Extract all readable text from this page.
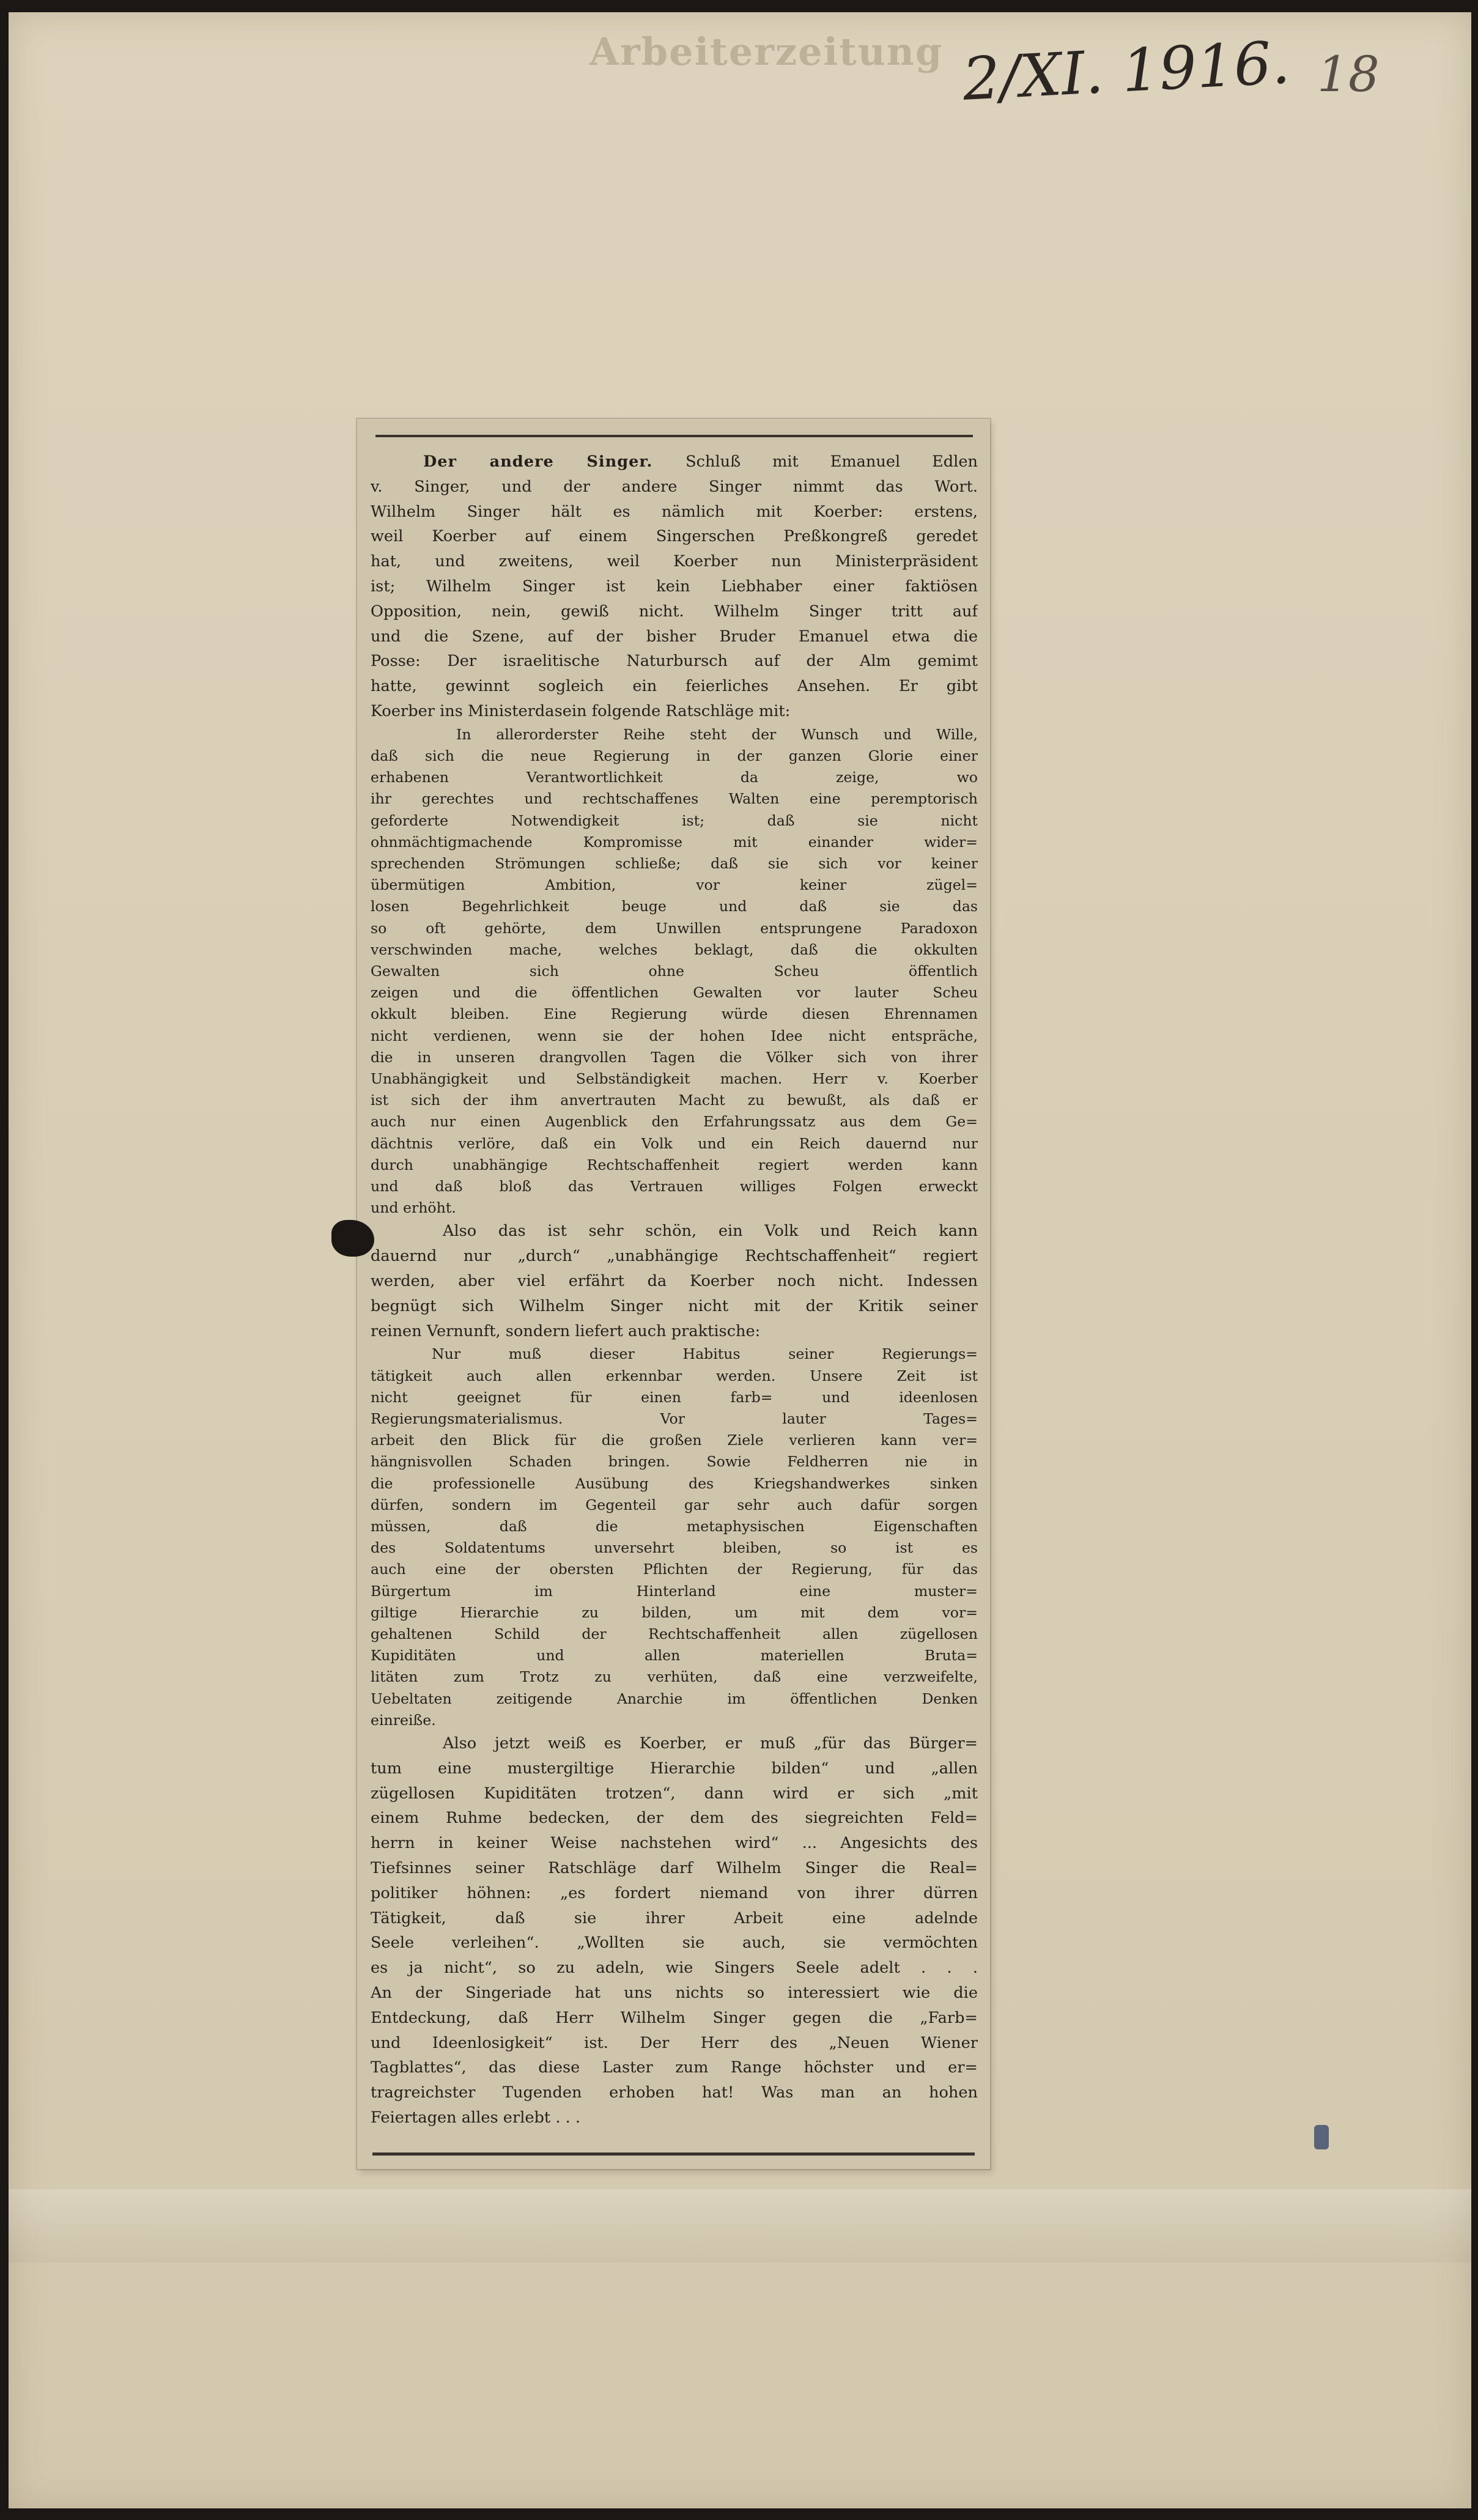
Arbeiterzeitung 2/XI. 1916. 18
Der andere Singer. Schluß mit Emanuel Edlen
v. Singer, und der andere Singer nimmt das Wort.
Wilhelm Singer hält es nämlich mit Koerber: erstens,
weil Koerber auf einem Singerschen Preßkongreß geredet
hat, und zweitens, weil Koerber nun Ministerpräsident
ist; Wilhelm Singer ist kein Liebhaber einer faktiösen
Opposition, nein, gewiß nicht. Wilhelm Singer tritt auf
und die Szene, auf der bisher Bruder Emanuel etwa die
Posse: Der israelitische Naturbursch auf der Alm gemimt
hatte, gewinnt sogleich ein feierliches Ansehen. Er gibt
Koerber ins Ministerdasein folgende Ratschläge mit:
In allerorderster Reihe steht der Wunsch und Wille,
daß sich die neue Regierung in der ganzen Glorie einer
erhabenen Verantwortlichkeit da zeige, wo
ihr gerechtes und rechtschaffenes Walten eine peremptorisch
geforderte Notwendigkeit ist; daß sie nicht
ohnmächtigmachende Kompromisse mit einander wider=
sprechenden Strömungen schließe; daß sie sich vor keiner
übermütigen Ambition, vor keiner zügel=
losen Begehrlichkeit beuge und daß sie das
so oft gehörte, dem Unwillen entsprungene Paradoxon
verschwinden mache, welches beklagt, daß die okkulten
Gewalten sich ohne Scheu öffentlich
zeigen und die öffentlichen Gewalten vor lauter Scheu
okkult bleiben. Eine Regierung würde diesen Ehrennamen
nicht verdienen, wenn sie der hohen Idee nicht entspräche,
die in unseren drangvollen Tagen die Völker sich von ihrer
Unabhängigkeit und Selbständigkeit machen. Herr v. Koerber
ist sich der ihm anvertrauten Macht zu bewußt, als daß er
auch nur einen Augenblick den Erfahrungssatz aus dem Ge=
dächtnis verlöre, daß ein Volk und ein Reich dauernd nur
durch unabhängige Rechtschaffenheit regiert werden kann
und daß bloß das Vertrauen williges Folgen erweckt
und erhöht.
Also das ist sehr schön, ein Volk und Reich kann
dauernd nur „durch“ „unabhängige Rechtschaffenheit“ regiert
werden, aber viel erfährt da Koerber noch nicht. Indessen
begnügt sich Wilhelm Singer nicht mit der Kritik seiner
reinen Vernunft, sondern liefert auch praktische:
Nur muß dieser Habitus seiner Regierungs=
tätigkeit auch allen erkennbar werden. Unsere Zeit ist
nicht geeignet für einen farb= und ideenlosen
Regierungsmaterialismus. Vor lauter Tages=
arbeit den Blick für die großen Ziele verlieren kann ver=
hängnisvollen Schaden bringen. Sowie Feldherren nie in
die professionelle Ausübung des Kriegshandwerkes sinken
dürfen, sondern im Gegenteil gar sehr auch dafür sorgen
müssen, daß die metaphysischen Eigenschaften
des Soldatentums unversehrt bleiben, so ist es
auch eine der obersten Pflichten der Regierung, für das
Bürgertum im Hinterland eine muster=
giltige Hierarchie zu bilden, um mit dem vor=
gehaltenen Schild der Rechtschaffenheit allen zügellosen
Kupiditäten und allen materiellen Bruta=
litäten zum Trotz zu verhüten, daß eine verzweifelte,
Uebeltaten zeitigende Anarchie im öffentlichen Denken
einreiße.
Also jetzt weiß es Koerber, er muß „für das Bürger=
tum eine mustergiltige Hierarchie bilden“ und „allen
zügellosen Kupiditäten trotzen“, dann wird er sich „mit
einem Ruhme bedecken, der dem des siegreichten Feld=
herrn in keiner Weise nachstehen wird“ ... Angesichts des
Tiefsinnes seiner Ratschläge darf Wilhelm Singer die Real=
politiker höhnen: „es fordert niemand von ihrer dürren
Tätigkeit, daß sie ihrer Arbeit eine adelnde
Seele verleihen“. „Wollten sie auch, sie vermöchten
es ja nicht“, so zu adeln, wie Singers Seele adelt . . .
An der Singeriade hat uns nichts so interessiert wie die
Entdeckung, daß Herr Wilhelm Singer gegen die „Farb=
und Ideenlosigkeit“ ist. Der Herr des „Neuen Wiener
Tagblattes“, das diese Laster zum Range höchster und er=
tragreichster Tugenden erhoben hat! Was man an hohen
Feiertagen alles erlebt . . .
